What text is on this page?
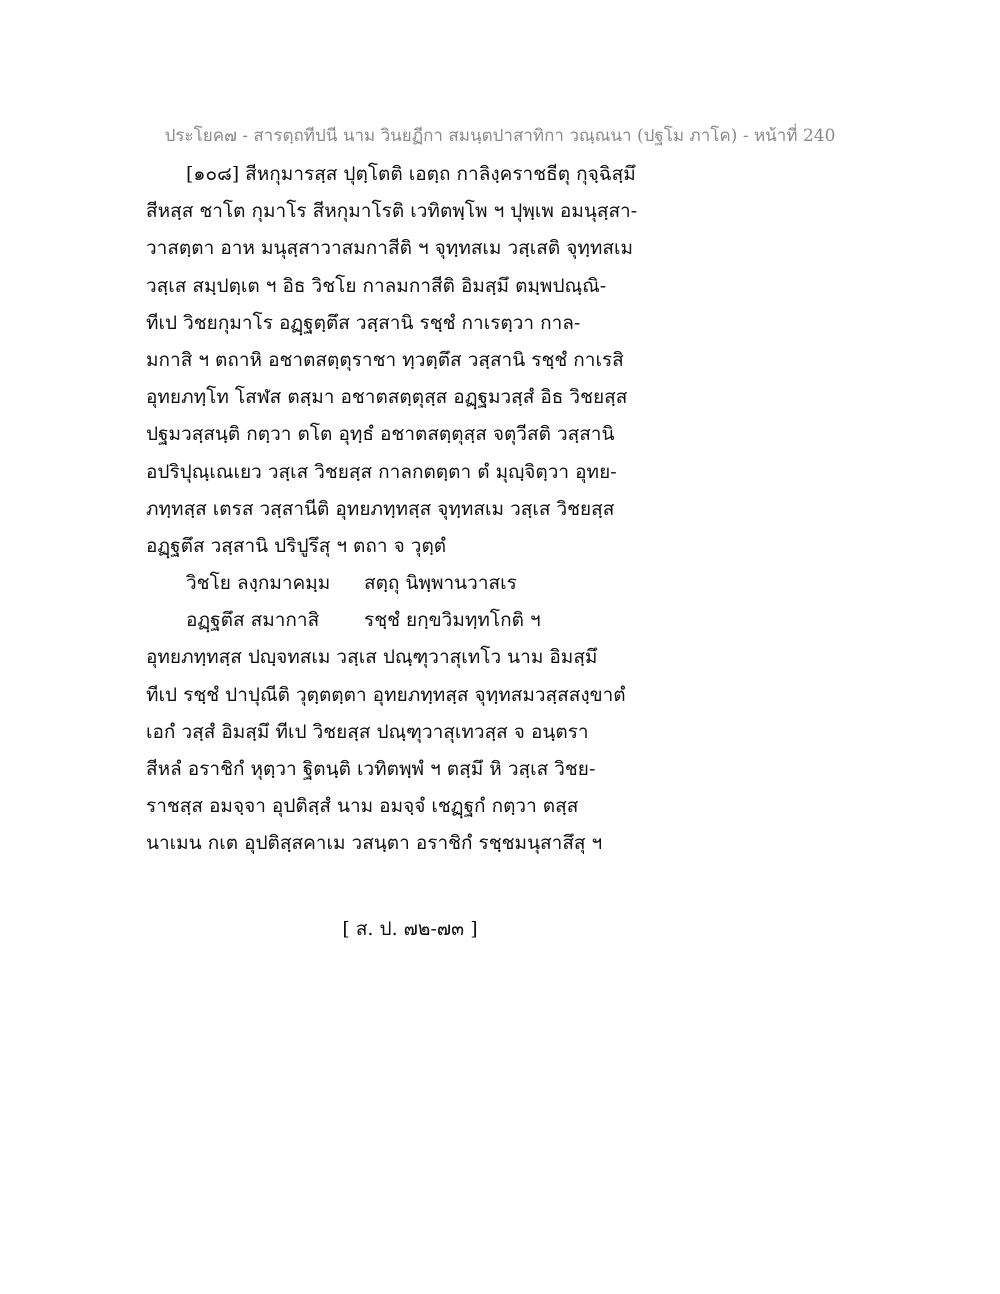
ประโยค๗ - สารตฺถทีปนี นาม วินยฏีกา สมนฺตปาสาทิกา วณฺณนา (ปฐโม ภาโค) - หน้าที่ 240
[๑๐๘] สีหกุมารสฺส ปุตฺโตติ เอตฺถ กาลิงฺคราชธีตุ กุจฺฉิสฺมึ
สีหสฺส ชาโต กุมาโร สีหกุมาโรติ เวทิตพฺโพ ฯ ปุพฺเพ อมนุสฺสา-
วาสตฺตา อาห มนุสฺสาวาสมกาสีติ ฯ จุทฺทสเม วสฺเสติ จุทฺทสเม
วสฺเส สมฺปตฺเต ฯ อิธ วิชโย กาลมกาสีติ อิมสฺมึ ตมฺพปณฺณิ-
ทีเป วิชยกุมาโร อฏฺฐตฺตึส วสฺสานิ รชฺชํ กาเรตฺวา กาล-
มกาสิ ฯ ตถาหิ อชาตสตฺตุราชา ทฺวตฺตึส วสฺสานิ รชฺชํ กาเรสิ
อุทยภทฺโท โสฬส ตสฺมา อชาตสตฺตุสฺส อฏฺฐมวสฺสํ อิธ วิชยสฺส
ปฐมวสฺสนฺติ กตฺวา ตโต อุทฺธํ อชาตสตฺตุสฺส จตุวีสติ วสฺสานิ
อปริปุณฺเณเยว วสฺเส วิชยสฺส กาลกตตฺตา ตํ มุญฺจิตฺวา อุทย-
ภทฺทสฺส เตรส วสฺสานีติ อุทยภทฺทสฺส จุทฺทสเม วสฺเส วิชยสฺส
อฏฺฐตึส วสฺสานิ ปริปูรึสุ ฯ ตถา จ วุตฺตํ
วิชโย ลงฺกมาคมฺม สตฺถุ นิพฺพานวาสเร
อฏฺฐตึส สมากาสิ รชฺชํ ยกฺขวิมทฺทโกติ ฯ
อุทยภทฺทสฺส ปญฺจทสเม วสฺเส ปณฺฑุวาสุเทโว นาม อิมสฺมึ
ทีเป รชฺชํ ปาปุณีติ วุตฺตตฺตา อุทยภทฺทสฺส จุทฺทสมวสฺสสงฺขาตํ
เอกํ วสฺสํ อิมสฺมึ ทีเป วิชยสฺส ปณฺฑุวาสุเทวสฺส จ อนฺตรา
สีหลํ อราชิกํ หุตฺวา ฐิตนฺติ เวทิตพฺพํ ฯ ตสฺมึ หิ วสฺเส วิชย-
ราชสฺส อมจฺจา อุปติสฺสํ นาม อมจฺจํ เชฏฺฐกํ กตฺวา ตสฺส
นาเมน กเต อุปติสฺสคาเม วสนฺตา อราชิกํ รชฺชมนุสาสึสุ ฯ
[ ส. ป. ๗๒-๗๓ ]
